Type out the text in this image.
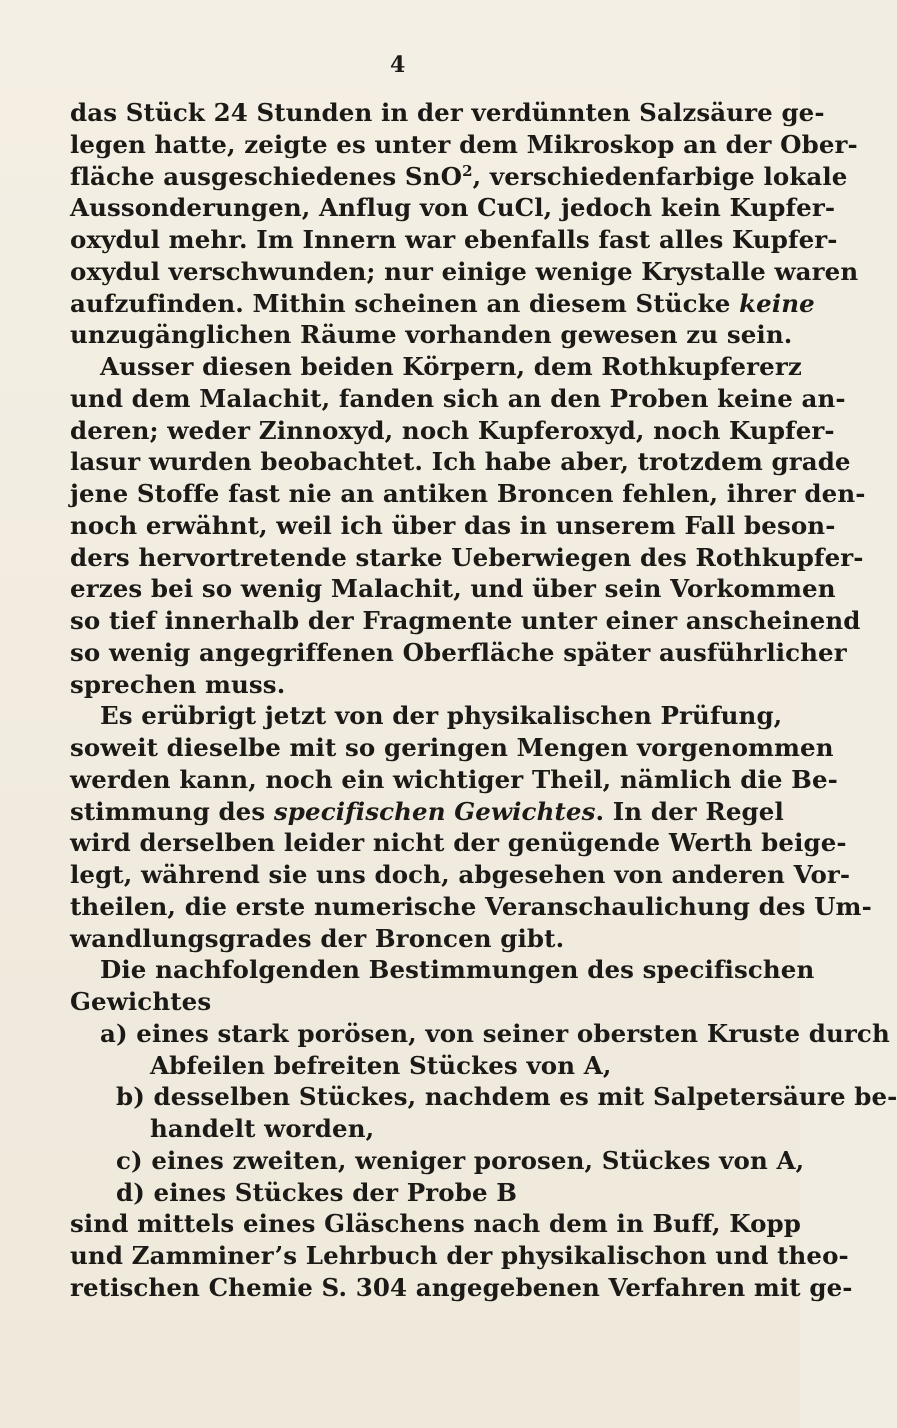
4
das Stück 24 Stunden in der verdünnten Salzsäure ge-
legen hatte, zeigte es unter dem Mikroskop an der Ober-
fläche ausgeschiedenes SnO$^2$, verschiedenfarbige lokale
Aussonderungen, Anflug von CuCl, jedoch kein Kupfer-
oxydul mehr. Im Innern war ebenfalls fast alles Kupfer-
oxydul verschwunden; nur einige wenige Krystalle waren
aufzufinden. Mithin scheinen an diesem Stücke keine
unzugänglichen Räume vorhanden gewesen zu sein.
Ausser diesen beiden Körpern, dem Rothkupfererz
und dem Malachit, fanden sich an den Proben keine an-
deren; weder Zinnoxyd, noch Kupferoxyd, noch Kupfer-
lasur wurden beobachtet. Ich habe aber, trotzdem grade
jene Stoffe fast nie an antiken Broncen fehlen, ihrer den-
noch erwähnt, weil ich über das in unserem Fall beson-
ders hervortretende starke Ueberwiegen des Rothkupfer-
erzes bei so wenig Malachit, und über sein Vorkommen
so tief innerhalb der Fragmente unter einer anscheinend
so wenig angegriffenen Oberfläche später ausführlicher
sprechen muss.
Es erübrigt jetzt von der physikalischen Prüfung,
soweit dieselbe mit so geringen Mengen vorgenommen
werden kann, noch ein wichtiger Theil, nämlich die Be-
stimmung des specifischen Gewichtes. In der Regel
wird derselben leider nicht der genügende Werth beige-
legt, während sie uns doch, abgesehen von anderen Vor-
theilen, die erste numerische Veranschaulichung des Um-
wandlungsgrades der Broncen gibt.
Die nachfolgenden Bestimmungen des specifischen
Gewichtes
a) eines stark porösen, von seiner obersten Kruste durch
Abfeilen befreiten Stückes von A,
b) desselben Stückes, nachdem es mit Salpetersäure be-
handelt worden,
c) eines zweiten, weniger porosen, Stückes von A,
d) eines Stückes der Probe B
sind mittels eines Gläschens nach dem in Buff, Kopp
und Zamminer’s Lehrbuch der physikalischon und theo-
retischen Chemie S. 304 angegebenen Verfahren mit ge-
